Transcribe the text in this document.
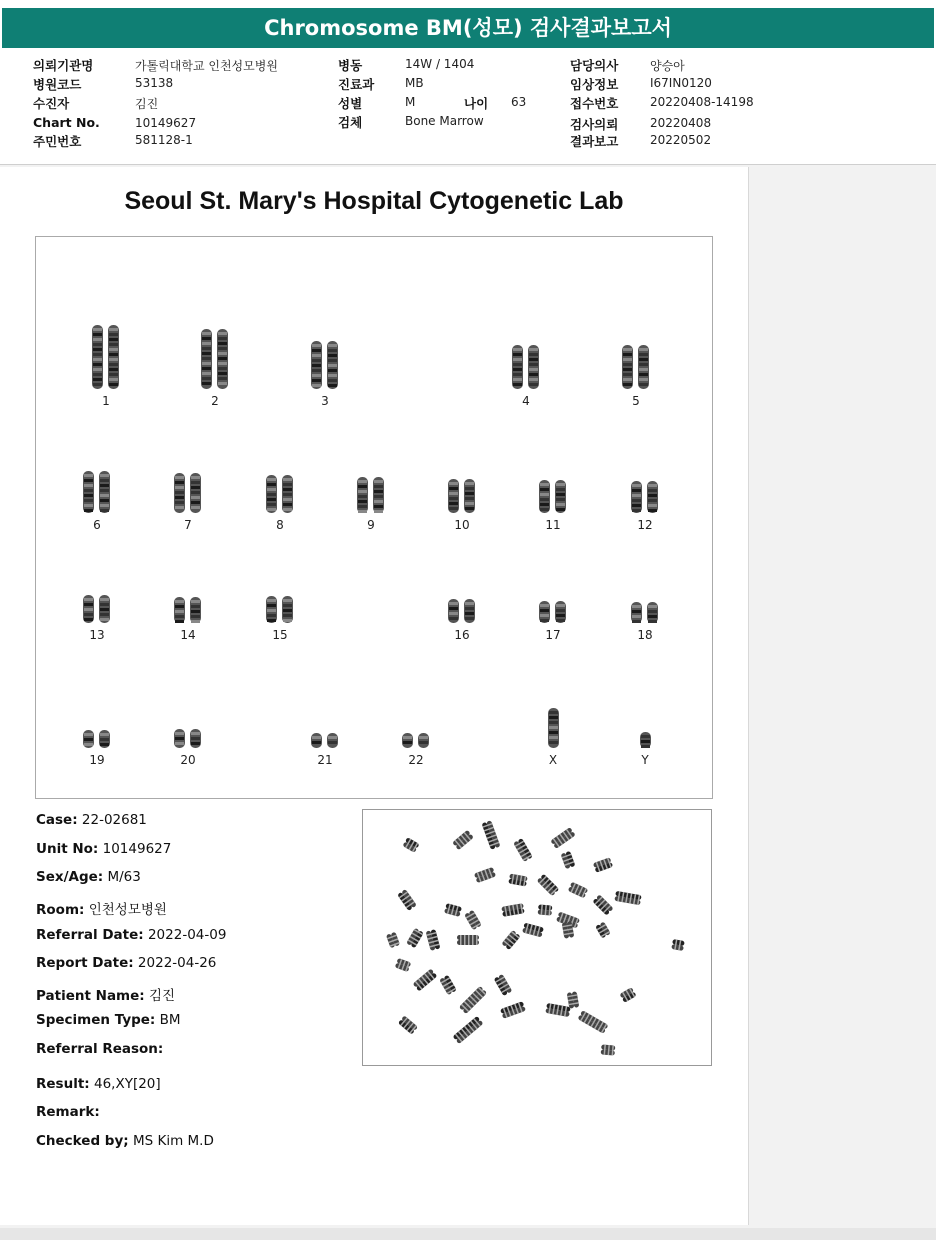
Chromosome BM(성모) 검사결과보고서
의뢰기관명	가톨릭대학교 인천성모병원
병원코드	53138
수진자	김진
Chart No.	10149627
주민번호	581128-1
병동	14W / 1404
진료과	MB
성별	M	나이 63
검체	Bone Marrow
담당의사	양승아
임상정보	I67IN0120
접수번호	20220408-14198
검사의뢰	20220408
결과보고	20220502
Seoul St. Mary's Hospital Cytogenetic Lab
1	2	3	4	5
6	7	8	9	10	11	12
13	14	15	16	17	18
19	20	21	22	X	Y
Case: 22-02681
Unit No: 10149627
Sex/Age: M/63
Room: 인천성모병원
Referral Date: 2022-04-09
Report Date: 2022-04-26
Patient Name: 김진
Specimen Type: BM
Referral Reason:
Result: 46,XY[20]
Remark:
Checked by; MS Kim M.D
